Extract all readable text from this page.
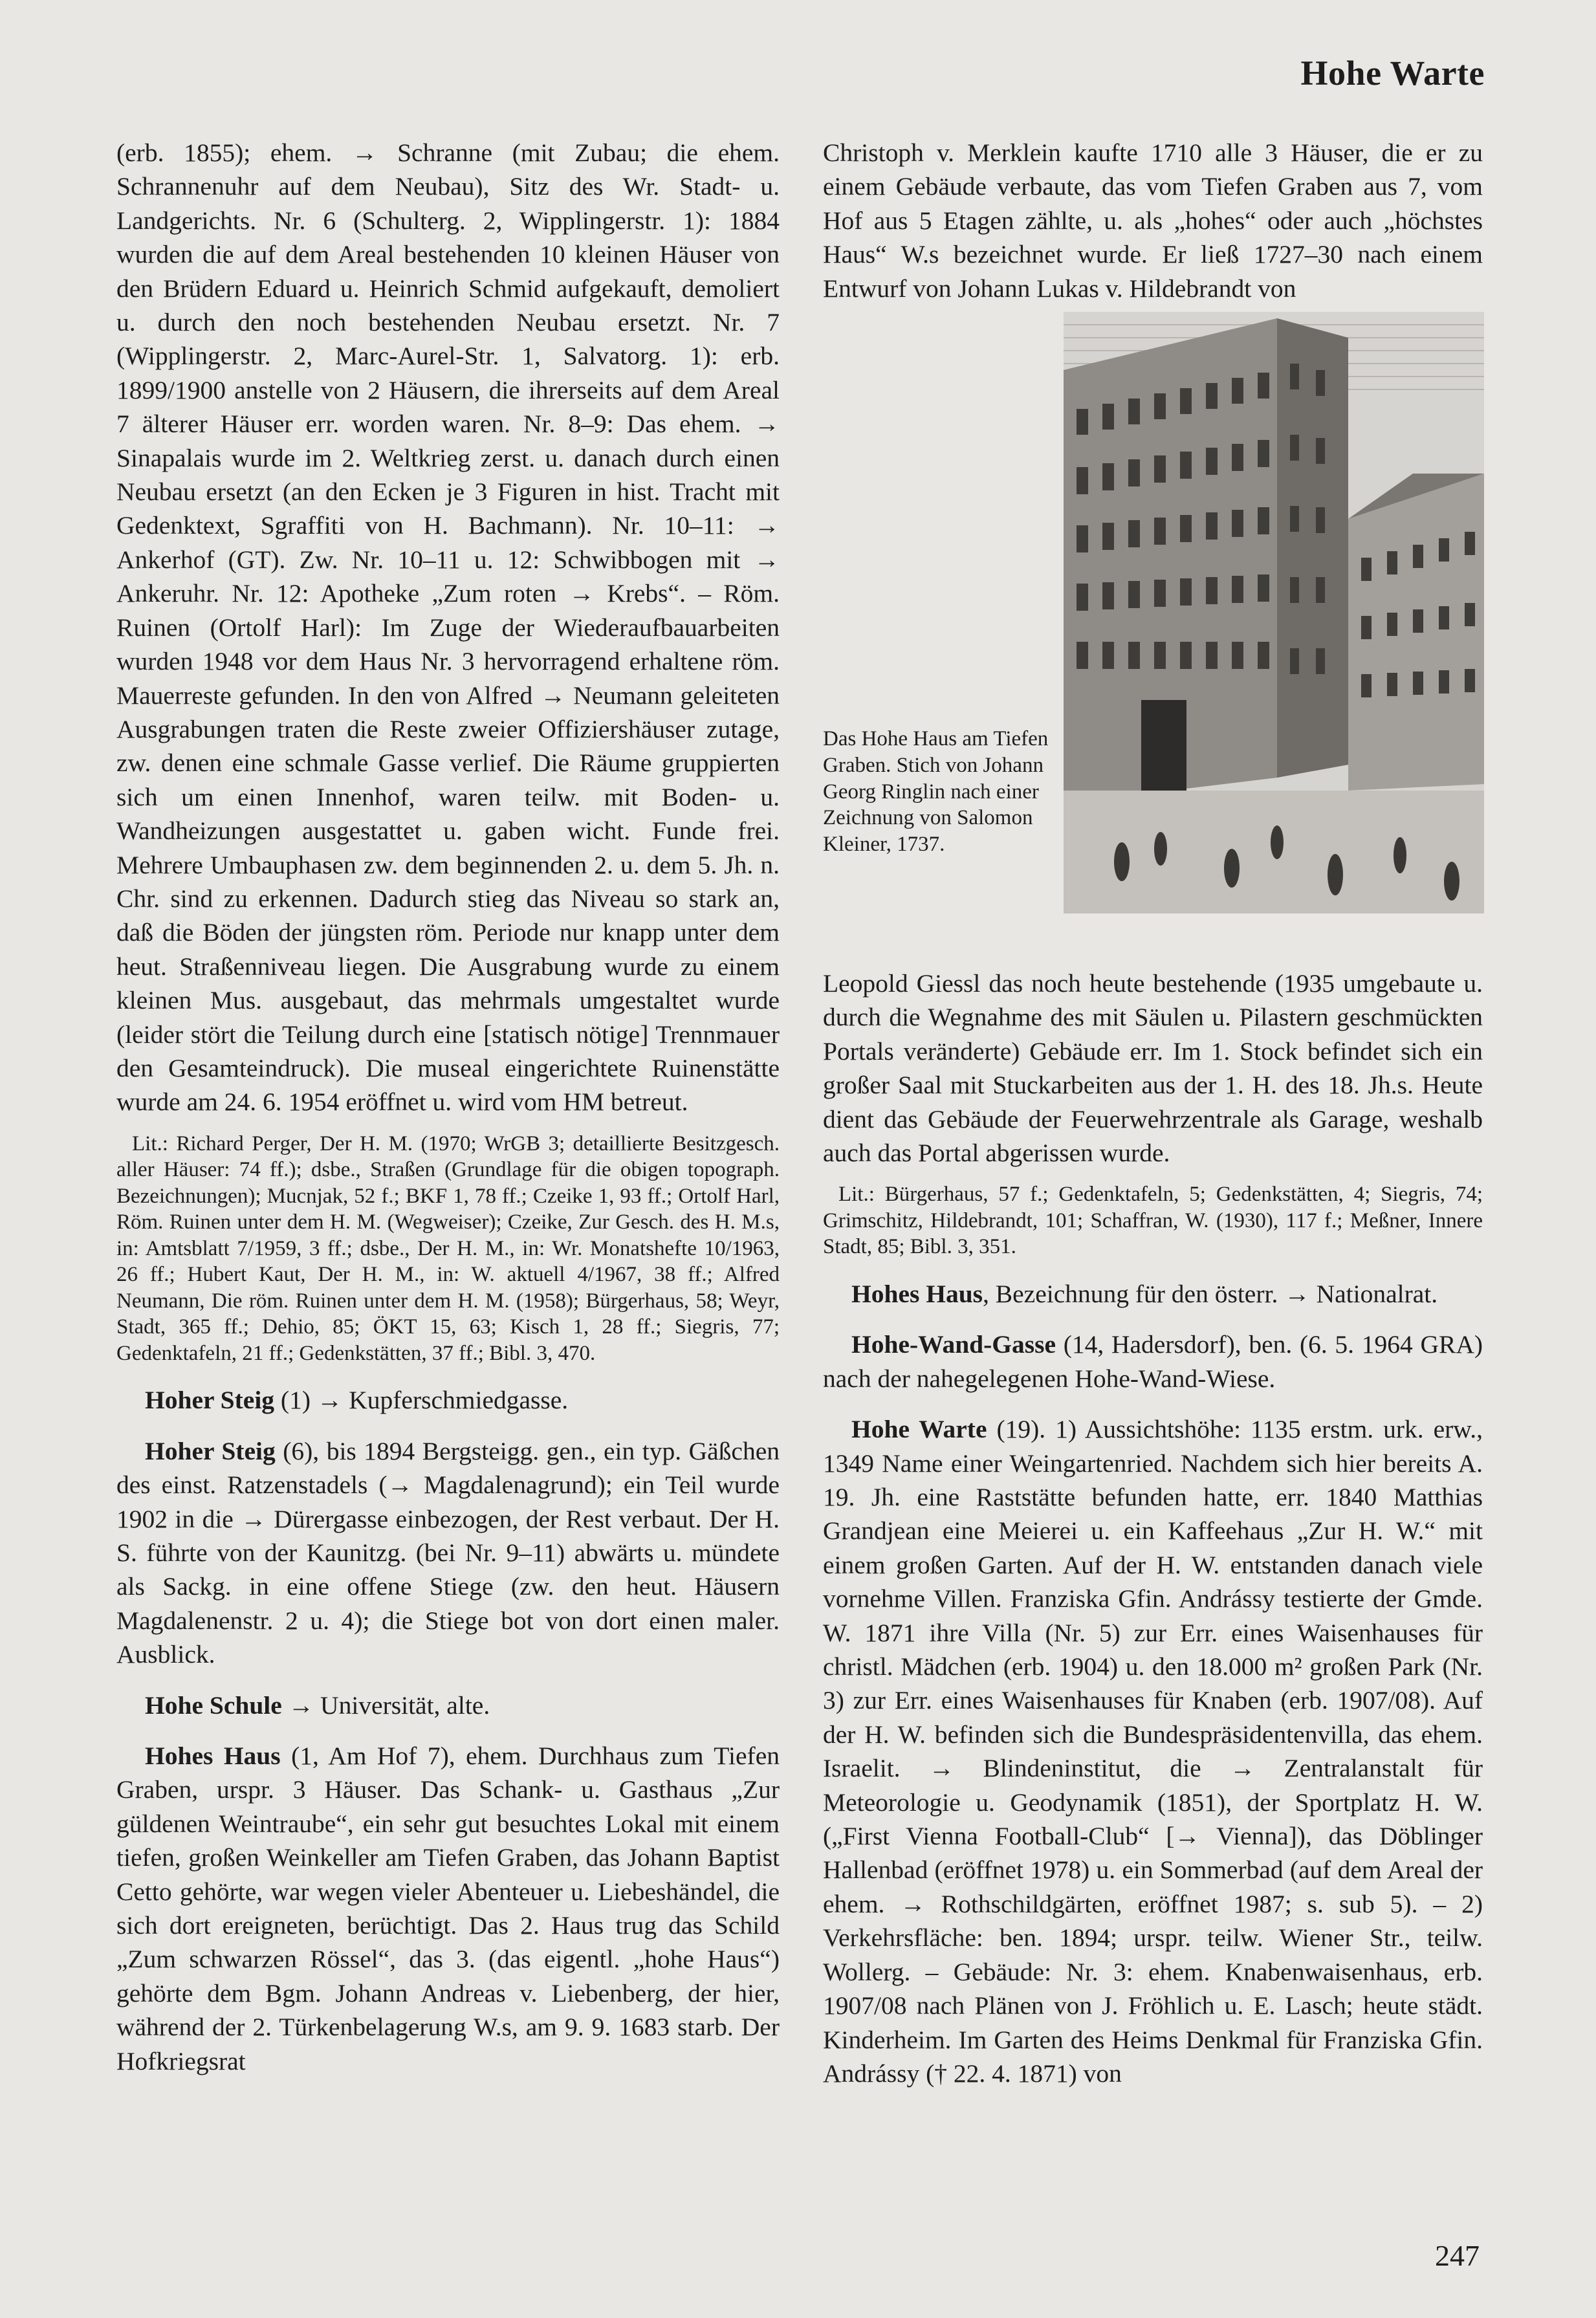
Hohe Warte

(erb. 1855); ehem. → Schranne (mit Zubau; die ehem. Schrannenuhr auf dem Neubau), Sitz des Wr. Stadt- u. Landgerichts. Nr. 6 (Schulterg. 2, Wipplingerstr. 1): 1884 wurden die auf dem Areal bestehenden 10 kleinen Häuser von den Brüdern Eduard u. Heinrich Schmid aufgekauft, demoliert u. durch den noch bestehenden Neubau ersetzt. Nr. 7 (Wipplingerstr. 2, Marc-Aurel-Str. 1, Salvatorg. 1): erb. 1899/1900 anstelle von 2 Häusern, die ihrerseits auf dem Areal 7 älterer Häuser err. worden waren. Nr. 8–9: Das ehem. → Sinapalais wurde im 2. Weltkrieg zerst. u. danach durch einen Neubau ersetzt (an den Ecken je 3 Figuren in hist. Tracht mit Gedenktext, Sgraffiti von H. Bachmann). Nr. 10–11: → Ankerhof (GT). Zw. Nr. 10–11 u. 12: Schwibbogen mit → Ankeruhr. Nr. 12: Apotheke „Zum roten → Krebs“. – Röm. Ruinen (Ortolf Harl): Im Zuge der Wiederaufbauarbeiten wurden 1948 vor dem Haus Nr. 3 hervorragend erhaltene röm. Mauerreste gefunden. In den von Alfred → Neumann geleiteten Ausgrabungen traten die Reste zweier Offiziershäuser zutage, zw. denen eine schmale Gasse verlief. Die Räume gruppierten sich um einen Innenhof, waren teilw. mit Boden- u. Wandheizungen ausgestattet u. gaben wicht. Funde frei. Mehrere Umbauphasen zw. dem beginnenden 2. u. dem 5. Jh. n. Chr. sind zu erkennen. Dadurch stieg das Niveau so stark an, daß die Böden der jüngsten röm. Periode nur knapp unter dem heut. Straßenniveau liegen. Die Ausgrabung wurde zu einem kleinen Mus. ausgebaut, das mehrmals umgestaltet wurde (leider stört die Teilung durch eine [statisch nötige] Trennmauer den Gesamteindruck). Die museal eingerichtete Ruinenstätte wurde am 24. 6. 1954 eröffnet u. wird vom HM betreut.

Lit.: Richard Perger, Der H. M. (1970; WrGB 3; detaillierte Besitzgesch. aller Häuser: 74 ff.); dsbe., Straßen (Grundlage für die obigen topograph. Bezeichnungen); Mucnjak, 52 f.; BKF 1, 78 ff.; Czeike 1, 93 ff.; Ortolf Harl, Röm. Ruinen unter dem H. M. (Wegweiser); Czeike, Zur Gesch. des H. M.s, in: Amtsblatt 7/1959, 3 ff.; dsbe., Der H. M., in: Wr. Monatshefte 10/1963, 26 ff.; Hubert Kaut, Der H. M., in: W. aktuell 4/1967, 38 ff.; Alfred Neumann, Die röm. Ruinen unter dem H. M. (1958); Bürgerhaus, 58; Weyr, Stadt, 365 ff.; Dehio, 85; ÖKT 15, 63; Kisch 1, 28 ff.; Siegris, 77; Gedenktafeln, 21 ff.; Gedenkstätten, 37 ff.; Bibl. 3, 470.

Hoher Steig (1) → Kupferschmiedgasse.

Hoher Steig (6), bis 1894 Bergsteigg. gen., ein typ. Gäßchen des einst. Ratzenstadels (→ Magdalenagrund); ein Teil wurde 1902 in die → Dürergasse einbezogen, der Rest verbaut. Der H. S. führte von der Kaunitzg. (bei Nr. 9–11) abwärts u. mündete als Sackg. in eine offene Stiege (zw. den heut. Häusern Magdalenenstr. 2 u. 4); die Stiege bot von dort einen maler. Ausblick.

Hohe Schule → Universität, alte.

Hohes Haus (1, Am Hof 7), ehem. Durchhaus zum Tiefen Graben, urspr. 3 Häuser. Das Schank- u. Gasthaus „Zur güldenen Weintraube“, ein sehr gut besuchtes Lokal mit einem tiefen, großen Weinkeller am Tiefen Graben, das Johann Baptist Cetto gehörte, war wegen vieler Abenteuer u. Liebeshändel, die sich dort ereigneten, berüchtigt. Das 2. Haus trug das Schild „Zum schwarzen Rössel“, das 3. (das eigentl. „hohe Haus“) gehörte dem Bgm. Johann Andreas v. Liebenberg, der hier, während der 2. Türkenbelagerung W.s, am 9. 9. 1683 starb. Der Hofkriegsrat

Christoph v. Merklein kaufte 1710 alle 3 Häuser, die er zu einem Gebäude verbaute, das vom Tiefen Graben aus 7, vom Hof aus 5 Etagen zählte, u. als „hohes“ oder auch „höchstes Haus“ W.s bezeichnet wurde. Er ließ 1727–30 nach einem Entwurf von Johann Lukas v. Hildebrandt von

Das Hohe Haus am Tiefen Graben. Stich von Johann Georg Ringlin nach einer Zeichnung von Salomon Kleiner, 1737.

Leopold Giessl das noch heute bestehende (1935 umgebaute u. durch die Wegnahme des mit Säulen u. Pilastern geschmückten Portals veränderte) Gebäude err. Im 1. Stock befindet sich ein großer Saal mit Stuckarbeiten aus der 1. H. des 18. Jh.s. Heute dient das Gebäude der Feuerwehrzentrale als Garage, weshalb auch das Portal abgerissen wurde.

Lit.: Bürgerhaus, 57 f.; Gedenktafeln, 5; Gedenkstätten, 4; Siegris, 74; Grimschitz, Hildebrandt, 101; Schaffran, W. (1930), 117 f.; Meßner, Innere Stadt, 85; Bibl. 3, 351.

Hohes Haus, Bezeichnung für den österr. → Nationalrat.

Hohe-Wand-Gasse (14, Hadersdorf), ben. (6. 5. 1964 GRA) nach der nahegelegenen Hohe-Wand-Wiese.

Hohe Warte (19). 1) Aussichtshöhe: 1135 erstm. urk. erw., 1349 Name einer Weingartenried. Nachdem sich hier bereits A. 19. Jh. eine Raststätte befunden hatte, err. 1840 Matthias Grandjean eine Meierei u. ein Kaffeehaus „Zur H. W.“ mit einem großen Garten. Auf der H. W. entstanden danach viele vornehme Villen. Franziska Gfin. Andrássy testierte der Gmde. W. 1871 ihre Villa (Nr. 5) zur Err. eines Waisenhauses für christl. Mädchen (erb. 1904) u. den 18.000 m² großen Park (Nr. 3) zur Err. eines Waisenhauses für Knaben (erb. 1907/08). Auf der H. W. befinden sich die Bundespräsidentenvilla, das ehem. Israelit. → Blindeninstitut, die → Zentralanstalt für Meteorologie u. Geodynamik (1851), der Sportplatz H. W. („First Vienna Football-Club“ [→ Vienna]), das Döblinger Hallenbad (eröffnet 1978) u. ein Sommerbad (auf dem Areal der ehem. → Rothschildgärten, eröffnet 1987; s. sub 5). – 2) Verkehrsfläche: ben. 1894; urspr. teilw. Wiener Str., teilw. Wollerg. – Gebäude: Nr. 3: ehem. Knabenwaisenhaus, erb. 1907/08 nach Plänen von J. Fröhlich u. E. Lasch; heute städt. Kinderheim. Im Garten des Heims Denkmal für Franziska Gfin. Andrássy († 22. 4. 1871) von

247
